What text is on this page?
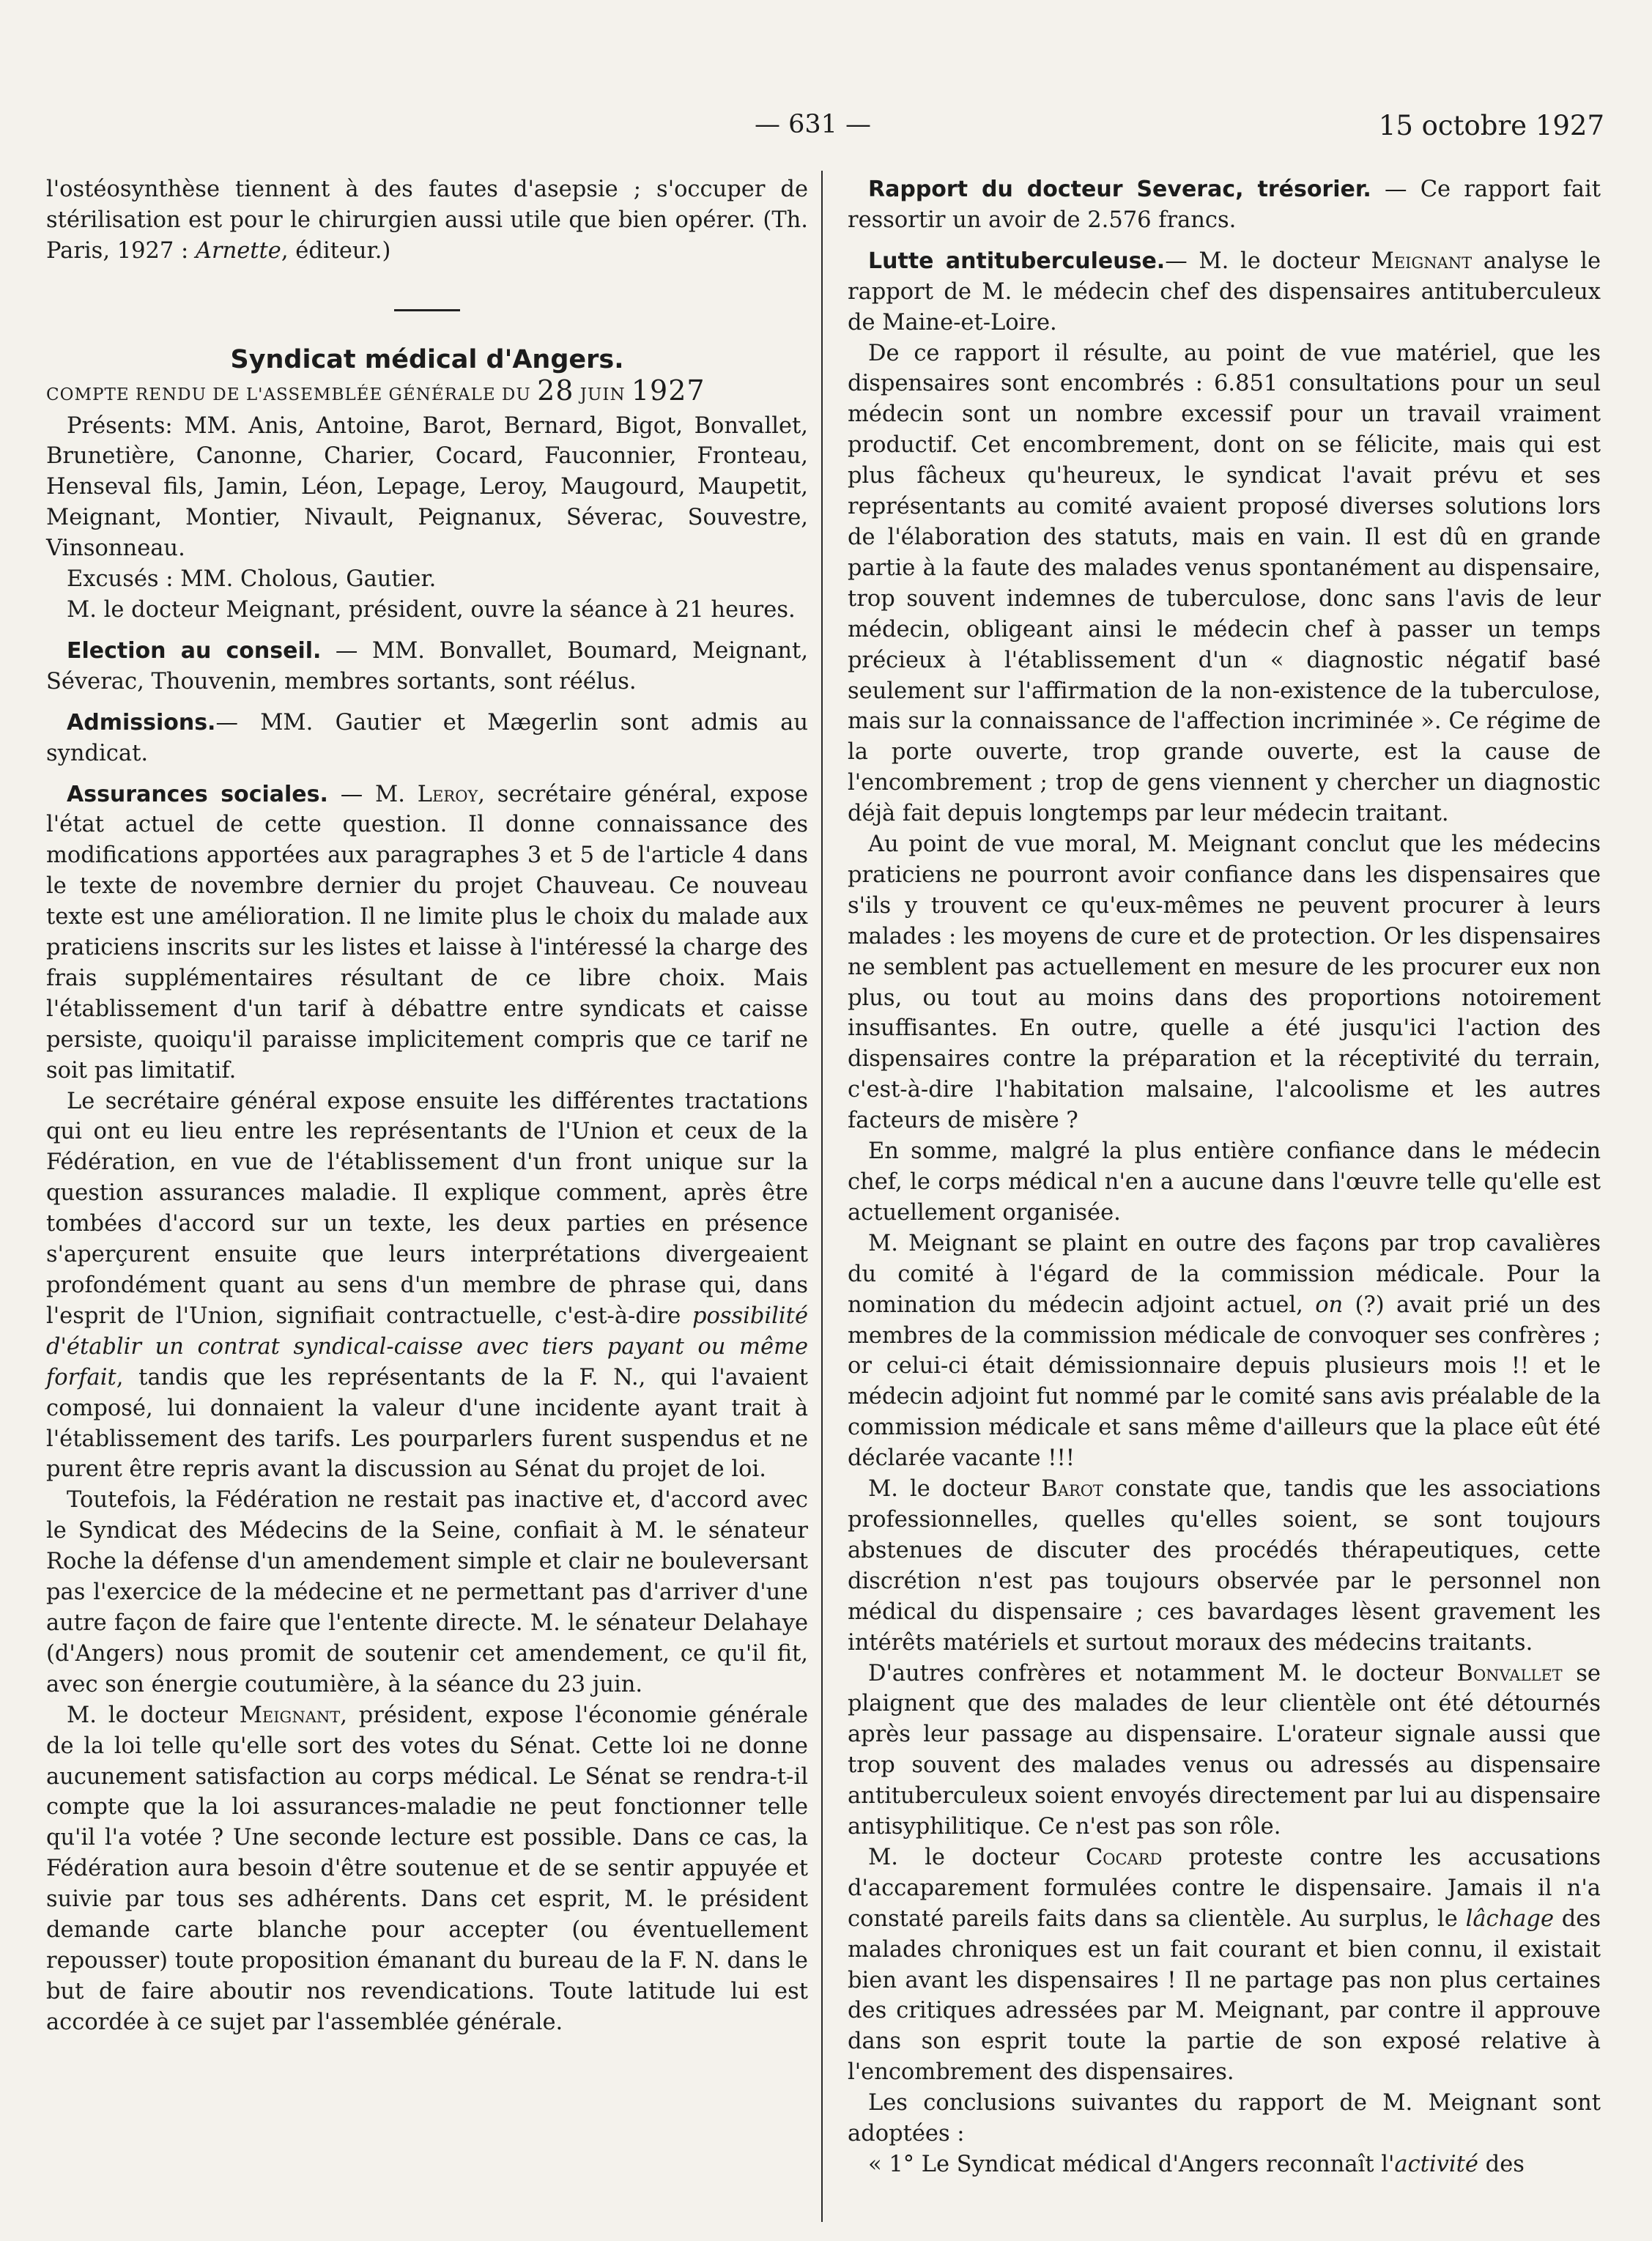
— 631 —	15 octobre 1927

l'ostéosynthèse tiennent à des fautes d'asepsie ; s'occuper de stérilisation est pour le chirurgien aussi utile que bien opérer. (Th. Paris, 1927 : Arnette, éditeur.)

Syndicat médical d'Angers.

COMPTE RENDU DE L'ASSEMBLÉE GÉNÉRALE DU 28 JUIN 1927

Présents: MM. Anis, Antoine, Barot, Bernard, Bigot, Bonvallet, Brunetière, Canonne, Charier, Cocard, Fauconnier, Fronteau, Henseval fils, Jamin, Léon, Lepage, Leroy, Maugourd, Maupetit, Meignant, Montier, Nivault, Peignanux, Séverac, Souvestre, Vinsonneau.

Excusés : MM. Cholous, Gautier.

M. le docteur Meignant, président, ouvre la séance à 21 heures.

Election au conseil. — MM. Bonvallet, Boumard, Meignant, Séverac, Thouvenin, membres sortants, sont réélus.

Admissions.— MM. Gautier et Mægerlin sont admis au syndicat.

Assurances sociales. — M. Leroy, secrétaire général, expose l'état actuel de cette question. Il donne connaissance des modifications apportées aux paragraphes 3 et 5 de l'article 4 dans le texte de novembre dernier du projet Chauveau. Ce nouveau texte est une amélioration. Il ne limite plus le choix du malade aux praticiens inscrits sur les listes et laisse à l'intéressé la charge des frais supplémentaires résultant de ce libre choix. Mais l'établissement d'un tarif à débattre entre syndicats et caisse persiste, quoiqu'il paraisse implicitement compris que ce tarif ne soit pas limitatif.

Le secrétaire général expose ensuite les différentes tractations qui ont eu lieu entre les représentants de l'Union et ceux de la Fédération, en vue de l'établissement d'un front unique sur la question assurances maladie. Il explique comment, après être tombées d'accord sur un texte, les deux parties en présence s'aperçurent ensuite que leurs interprétations divergeaient profondément quant au sens d'un membre de phrase qui, dans l'esprit de l'Union, signifiait contractuelle, c'est-à-dire possibilité d'établir un contrat syndical-caisse avec tiers payant ou même forfait, tandis que les représentants de la F. N., qui l'avaient composé, lui donnaient la valeur d'une incidente ayant trait à l'établissement des tarifs. Les pourparlers furent suspendus et ne purent être repris avant la discussion au Sénat du projet de loi.

Toutefois, la Fédération ne restait pas inactive et, d'accord avec le Syndicat des Médecins de la Seine, confiait à M. le sénateur Roche la défense d'un amendement simple et clair ne bouleversant pas l'exercice de la médecine et ne permettant pas d'arriver d'une autre façon de faire que l'entente directe. M. le sénateur Delahaye (d'Angers) nous promit de soutenir cet amendement, ce qu'il fit, avec son énergie coutumière, à la séance du 23 juin.

M. le docteur Meignant, président, expose l'économie générale de la loi telle qu'elle sort des votes du Sénat. Cette loi ne donne aucunement satisfaction au corps médical. Le Sénat se rendra-t-il compte que la loi assurances-maladie ne peut fonctionner telle qu'il l'a votée ? Une seconde lecture est possible. Dans ce cas, la Fédération aura besoin d'être soutenue et de se sentir appuyée et suivie par tous ses adhérents. Dans cet esprit, M. le président demande carte blanche pour accepter (ou éventuellement repousser) toute proposition émanant du bureau de la F. N. dans le but de faire aboutir nos revendications. Toute latitude lui est accordée à ce sujet par l'assemblée générale.

Rapport du docteur Severac, trésorier. — Ce rapport fait ressortir un avoir de 2.576 francs.

Lutte antituberculeuse.— M. le docteur Meignant analyse le rapport de M. le médecin chef des dispensaires antituberculeux de Maine-et-Loire.

De ce rapport il résulte, au point de vue matériel, que les dispensaires sont encombrés : 6.851 consultations pour un seul médecin sont un nombre excessif pour un travail vraiment productif. Cet encombrement, dont on se félicite, mais qui est plus fâcheux qu'heureux, le syndicat l'avait prévu et ses représentants au comité avaient proposé diverses solutions lors de l'élaboration des statuts, mais en vain. Il est dû en grande partie à la faute des malades venus spontanément au dispensaire, trop souvent indemnes de tuberculose, donc sans l'avis de leur médecin, obligeant ainsi le médecin chef à passer un temps précieux à l'établissement d'un « diagnostic négatif basé seulement sur l'affirmation de la non-existence de la tuberculose, mais sur la connaissance de l'affection incriminée ». Ce régime de la porte ouverte, trop grande ouverte, est la cause de l'encombrement ; trop de gens viennent y chercher un diagnostic déjà fait depuis longtemps par leur médecin traitant.

Au point de vue moral, M. Meignant conclut que les médecins praticiens ne pourront avoir confiance dans les dispensaires que s'ils y trouvent ce qu'eux-mêmes ne peuvent procurer à leurs malades : les moyens de cure et de protection. Or les dispensaires ne semblent pas actuellement en mesure de les procurer eux non plus, ou tout au moins dans des proportions notoirement insuffisantes. En outre, quelle a été jusqu'ici l'action des dispensaires contre la préparation et la réceptivité du terrain, c'est-à-dire l'habitation malsaine, l'alcoolisme et les autres facteurs de misère ?

En somme, malgré la plus entière confiance dans le médecin chef, le corps médical n'en a aucune dans l'œuvre telle qu'elle est actuellement organisée.

M. Meignant se plaint en outre des façons par trop cavalières du comité à l'égard de la commission médicale. Pour la nomination du médecin adjoint actuel, on (?) avait prié un des membres de la commission médicale de convoquer ses confrères ; or celui-ci était démissionnaire depuis plusieurs mois !! et le médecin adjoint fut nommé par le comité sans avis préalable de la commission médicale et sans même d'ailleurs que la place eût été déclarée vacante !!!

M. le docteur Barot constate que, tandis que les associations professionnelles, quelles qu'elles soient, se sont toujours abstenues de discuter des procédés thérapeutiques, cette discrétion n'est pas toujours observée par le personnel non médical du dispensaire ; ces bavardages lèsent gravement les intérêts matériels et surtout moraux des médecins traitants.

D'autres confrères et notamment M. le docteur Bonvallet se plaignent que des malades de leur clientèle ont été détournés après leur passage au dispensaire. L'orateur signale aussi que trop souvent des malades venus ou adressés au dispensaire antituberculeux soient envoyés directement par lui au dispensaire antisyphilitique. Ce n'est pas son rôle.

M. le docteur Cocard proteste contre les accusations d'accaparement formulées contre le dispensaire. Jamais il n'a constaté pareils faits dans sa clientèle. Au surplus, le lâchage des malades chroniques est un fait courant et bien connu, il existait bien avant les dispensaires ! Il ne partage pas non plus certaines des critiques adressées par M. Meignant, par contre il approuve dans son esprit toute la partie de son exposé relative à l'encombrement des dispensaires.

Les conclusions suivantes du rapport de M. Meignant sont adoptées :

« 1° Le Syndicat médical d'Angers reconnaît l'activité des
